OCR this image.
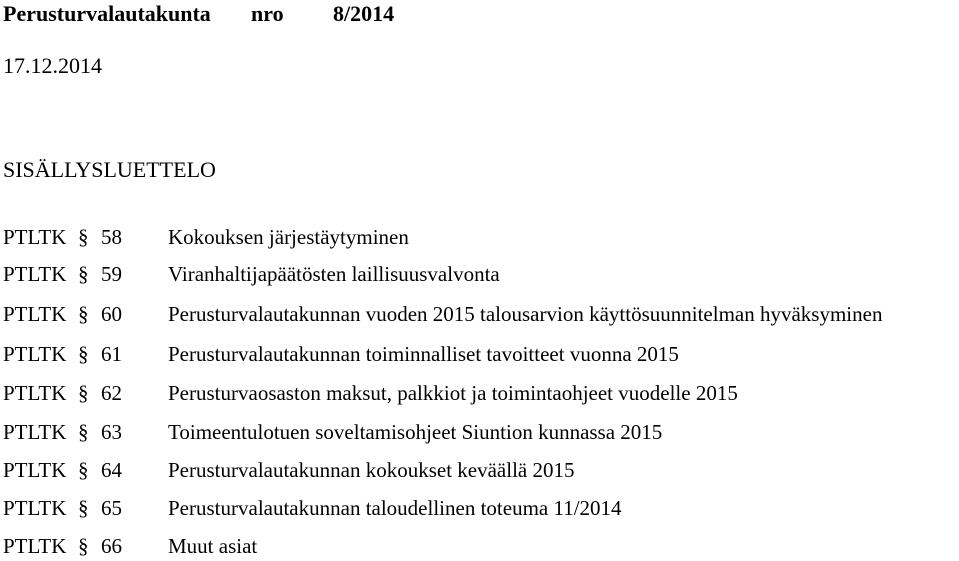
Perusturvalautakunta nro 8/2014
17.12.2014
SISÄLLYSLUETTELO
PTLTK § 58 Kokouksen järjestäytyminen
PTLTK § 59 Viranhaltijapäätösten laillisuusvalvonta
PTLTK § 60 Perusturvalautakunnan vuoden 2015 talousarvion käyttösuunnitelman hyväksyminen
PTLTK § 61 Perusturvalautakunnan toiminnalliset tavoitteet vuonna 2015
PTLTK § 62 Perusturvaosaston maksut, palkkiot ja toimintaohjeet vuodelle 2015
PTLTK § 63 Toimeentulotuen soveltamisohjeet Siuntion kunnassa 2015
PTLTK § 64 Perusturvalautakunnan kokoukset keväällä 2015
PTLTK § 65 Perusturvalautakunnan taloudellinen toteuma 11/2014
PTLTK § 66 Muut asiat
